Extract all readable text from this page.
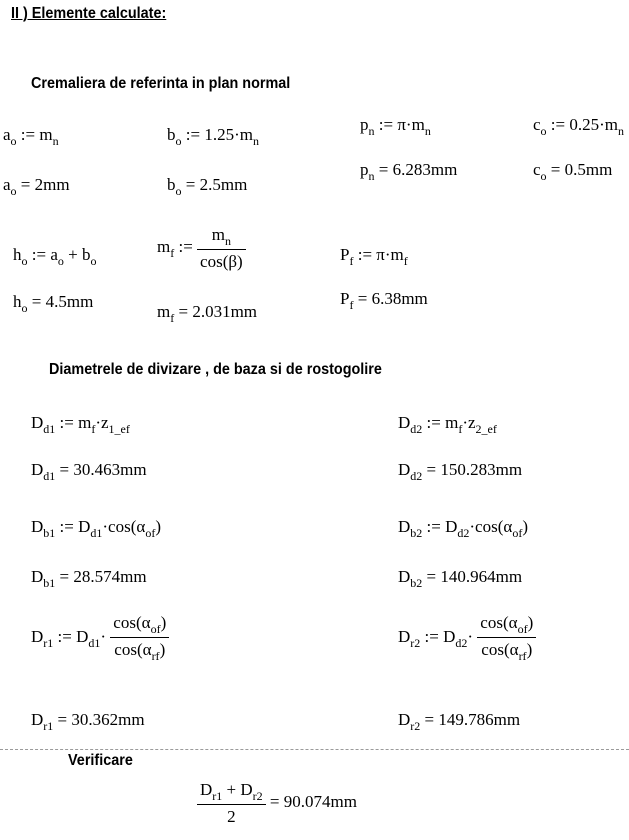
II ) Elemente calculate:
Cremaliera de referinta in plan normal
$a_o$ := $m_n$
$a_o = 2mm$
$b_o$ := $1.25\cdot m_n$
$b_o = 2.5mm$
$p_n$ := $\pi\cdot m_n$
$p_n = 6.283mm$
$c_o$ := $0.25\cdot m_n$
$c_o = 0.5mm$
$h_o$ := $a_o + b_o$
$h_o = 4.5mm$
$m_f$ := $\frac{m_n}{\cos(\beta)}$
$m_f = 2.031mm$
$P_f$ := $\pi\cdot m_f$
$P_f = 6.38mm$
Diametrele de divizare , de baza si de rostogolire
$D_{d1}$ := $m_f\cdot z_{1\_ef}$
$D_{d1} = 30.463mm$
$D_{d2}$ := $m_f\cdot z_{2\_ef}$
$D_{d2} = 150.283mm$
$D_{b1}$ := $D_{d1}\cdot\cos(\alpha_{of})$
$D_{b1} = 28.574mm$
$D_{b2}$ := $D_{d2}\cdot\cos(\alpha_{of})$
$D_{b2} = 140.964mm$
$D_{r1}$ := $D_{d1}\cdot \frac{\cos(\alpha_{of})}{\cos(\alpha_{rf})}$
$D_{r1} = 30.362mm$
$D_{r2}$ := $D_{d2}\cdot \frac{\cos(\alpha_{of})}{\cos(\alpha_{rf})}$
$D_{r2} = 149.786mm$
Verificare
$\frac{D_{r1} + D_{r2}}{2} = 90.074mm$
